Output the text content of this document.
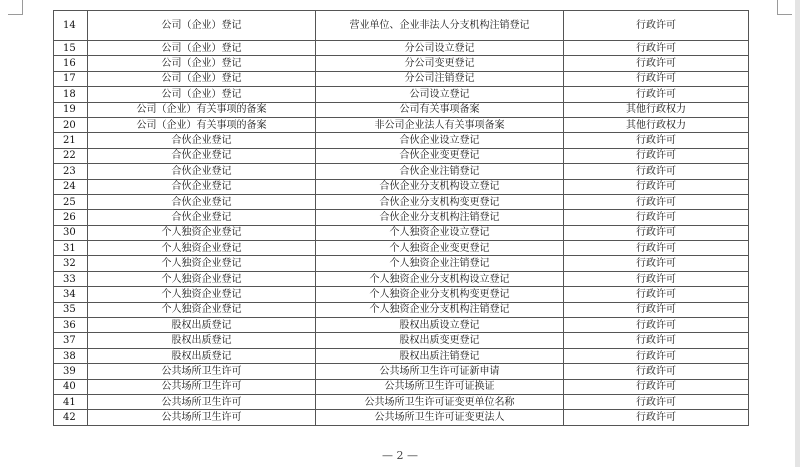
14	公司（企业）登记	营业单位、企业非法人分支机构注销登记	行政许可
15	公司（企业）登记	分公司设立登记	行政许可
16	公司（企业）登记	分公司变更登记	行政许可
17	公司（企业）登记	分公司注销登记	行政许可
18	公司（企业）登记	公司设立登记	行政许可
19	公司（企业）有关事项的备案	公司有关事项备案	其他行政权力
20	公司（企业）有关事项的备案	非公司企业法人有关事项备案	其他行政权力
21	合伙企业登记	合伙企业设立登记	行政许可
22	合伙企业登记	合伙企业变更登记	行政许可
23	合伙企业登记	合伙企业注销登记	行政许可
24	合伙企业登记	合伙企业分支机构设立登记	行政许可
25	合伙企业登记	合伙企业分支机构变更登记	行政许可
26	合伙企业登记	合伙企业分支机构注销登记	行政许可
30	个人独资企业登记	个人独资企业设立登记	行政许可
31	个人独资企业登记	个人独资企业变更登记	行政许可
32	个人独资企业登记	个人独资企业注销登记	行政许可
33	个人独资企业登记	个人独资企业分支机构设立登记	行政许可
34	个人独资企业登记	个人独资企业分支机构变更登记	行政许可
35	个人独资企业登记	个人独资企业分支机构注销登记	行政许可
36	股权出质登记	股权出质设立登记	行政许可
37	股权出质登记	股权出质变更登记	行政许可
38	股权出质登记	股权出质注销登记	行政许可
39	公共场所卫生许可	公共场所卫生许可证新申请	行政许可
40	公共场所卫生许可	公共场所卫生许可证换证	行政许可
41	公共场所卫生许可	公共场所卫生许可证变更单位名称	行政许可
42	公共场所卫生许可	公共场所卫生许可证变更法人	行政许可
— 2 —
